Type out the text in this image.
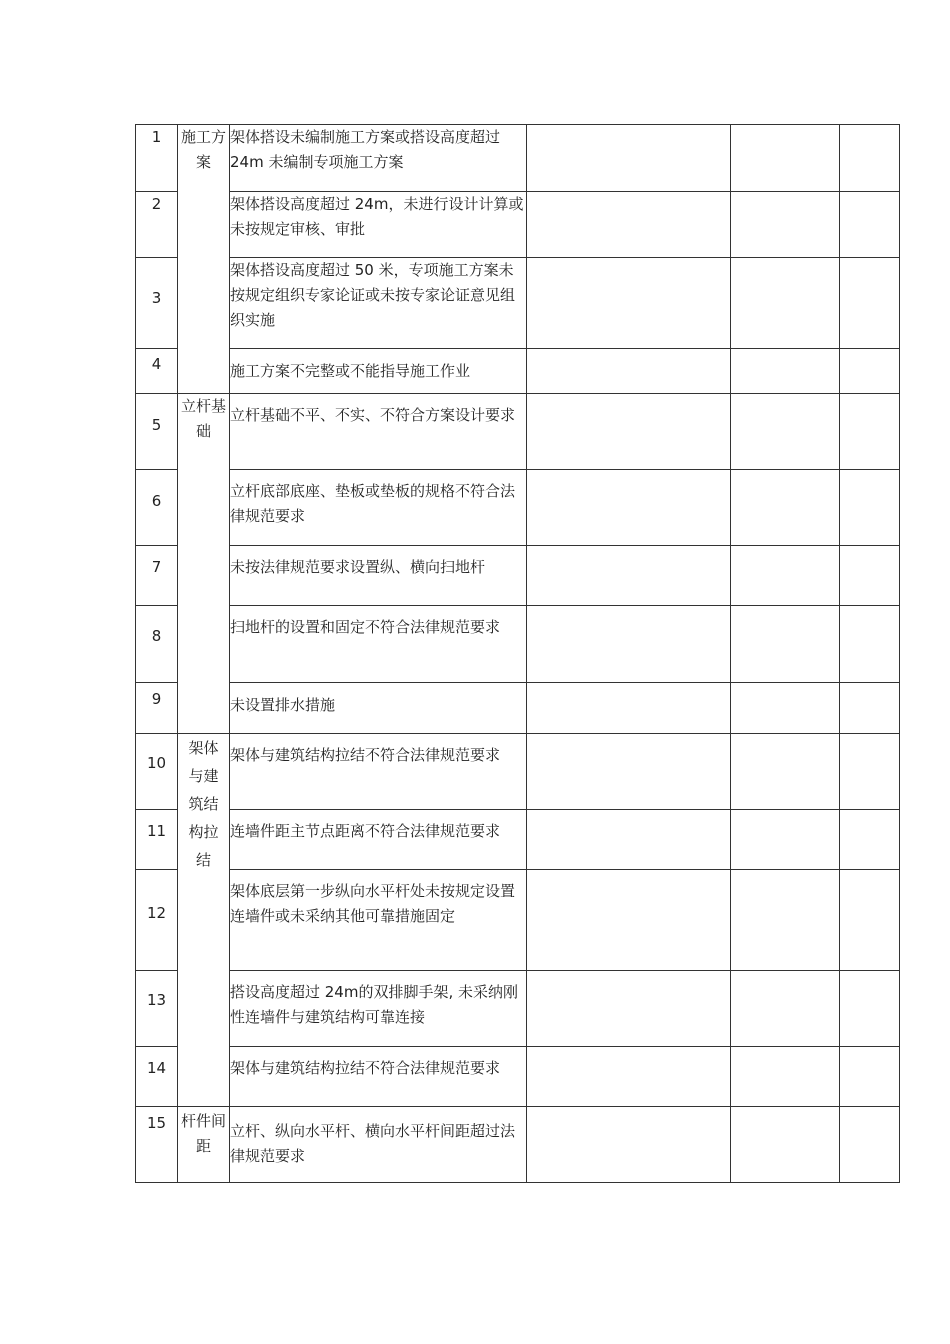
1	施工方案	架体搭设未编制施工方案或搭设高度超过 24m 未编制专项施工方案			
2		架体搭设高度超过 24m，未进行设计计算或未按规定审核、审批			
3		架体搭设高度超过 50 米，专项施工方案未按规定组织专家论证或未按专家论证意见组织实施			
4		施工方案不完整或不能指导施工作业			
5	立杆基础	立杆基础不平、不实、不符合方案设计要求			
6		立杆底部底座、垫板或垫板的规格不符合法律规范要求			
7		未按法律规范要求设置纵、横向扫地杆			
8		扫地杆的设置和固定不符合法律规范要求			
9		未设置排水措施			
10	架体与建筑结构拉结	架体与建筑结构拉结不符合法律规范要求			
11		连墙件距主节点距离不符合法律规范要求			
12		架体底层第一步纵向水平杆处未按规定设置连墙件或未采纳其他可靠措施固定			
13		搭设高度超过 24m的双排脚手架, 未采纳刚性连墙件与建筑结构可靠连接			
14		架体与建筑结构拉结不符合法律规范要求			
15	杆件间距	立杆、纵向水平杆、横向水平杆间距超过法律规范要求			
